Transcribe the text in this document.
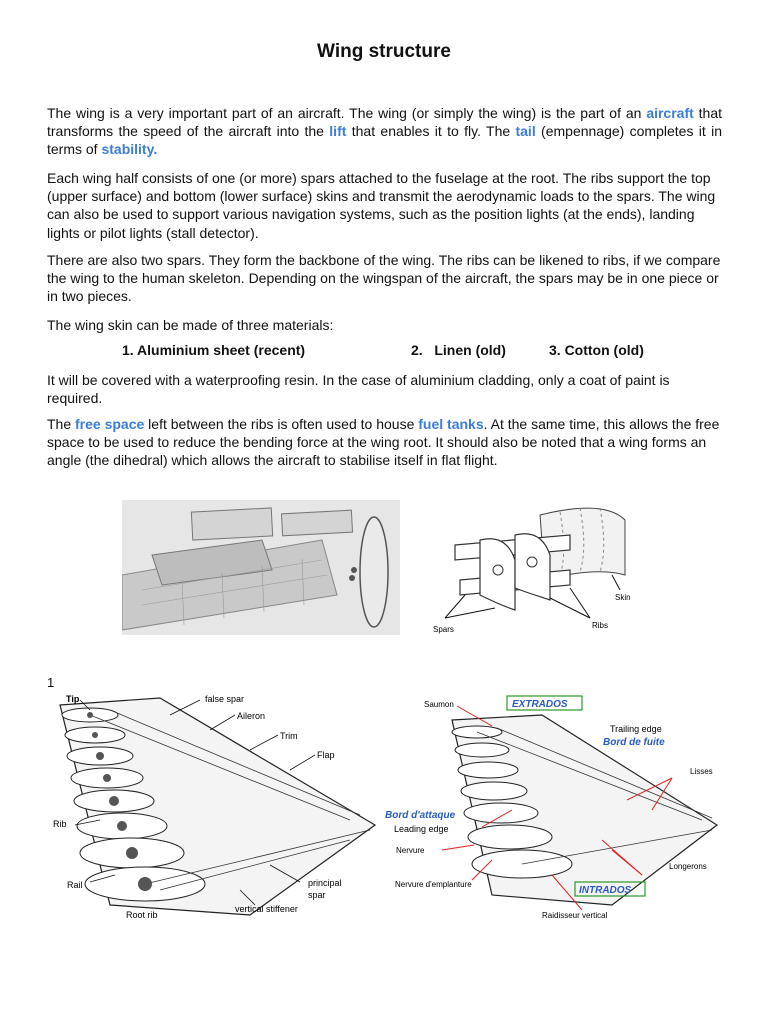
Wing structure

The wing is a very important part of an aircraft. The wing (or simply the wing) is the part of an aircraft that transforms the speed of the aircraft into the lift that enables it to fly. The tail (empennage) completes it in terms of stability.

Each wing half consists of one (or more) spars attached to the fuselage at the root. The ribs support the top (upper surface) and bottom (lower surface) skins and transmit the aerodynamic loads to the spars. The wing can also be used to support various navigation systems, such as the position lights (at the ends), landing lights or pilot lights (stall detector).

There are also two spars. They form the backbone of the wing. The ribs can be likened to ribs, if we compare the wing to the human skeleton. Depending on the wingspan of the aircraft, the spars may be in one piece or in two pieces.

The wing skin can be made of three materials:

1. Aluminium sheet (recent)	2.   Linen (old)	3. Cotton (old)

It will be covered with a waterproofing resin. In the case of aluminium cladding, only a coat of paint is required.

The free space left between the ribs is often used to house fuel tanks. At the same time, this allows the free space to be used to reduce the bending force at the wing root. It should also be noted that a wing forms an angle (the dihedral) which allows the aircraft to stabilise itself in flat flight.

Skin
Spars	Ribs
1
Tip	false spar
Aileron
Trim
Flap
Rib
Rail
Root rib
vertical stiffener
principal
spar
EXTRADOS
Saumon
Trailing edge
Bord de fuite
Lisses
Bord d'attaque
Leading edge
Nervure
Nervure d'emplanture
Longerons
INTRADOS
Raidisseur vertical
